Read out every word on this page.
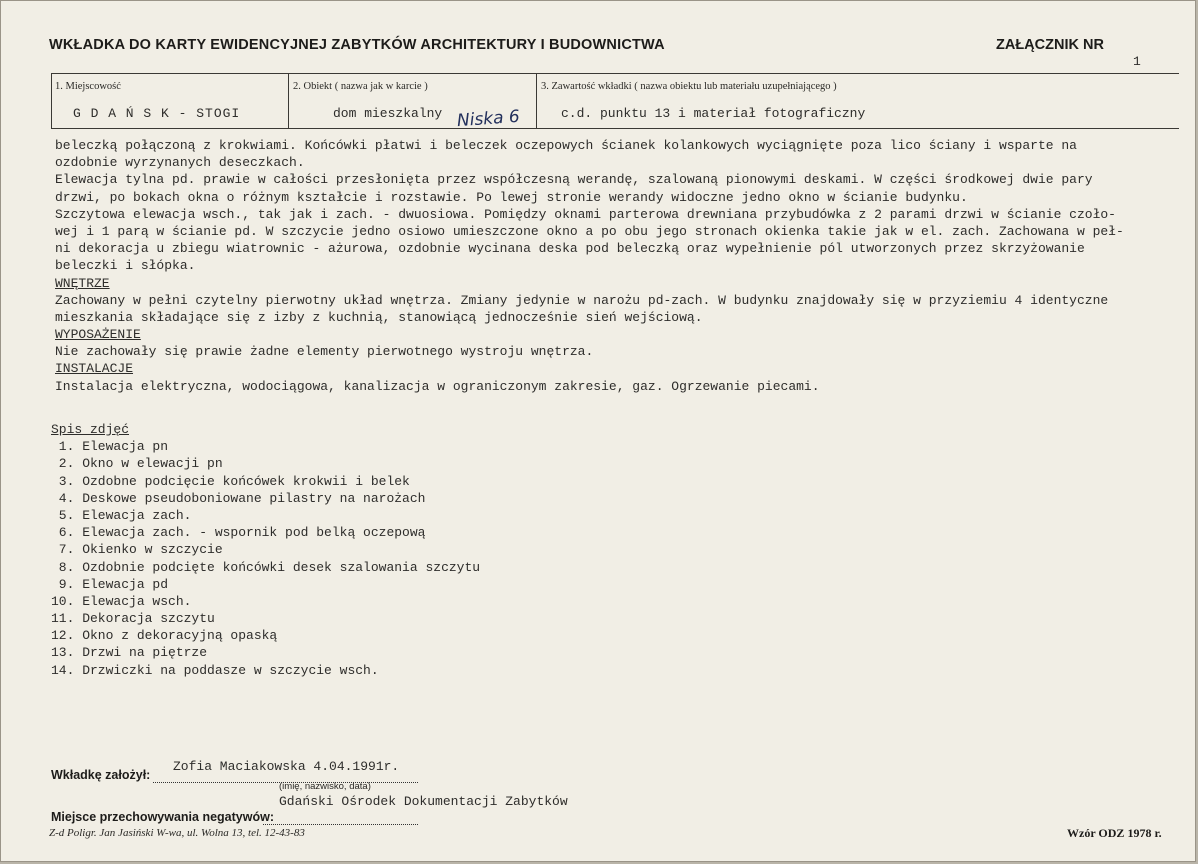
WKŁADKA DO KARTY EWIDENCYJNEJ ZABYTKÓW ARCHITEKTURY I BUDOWNICTWA	ZAŁĄCZNIK NR
1
1. Miejscowość	2. Obiekt ( nazwa jak w karcie )	3. Zawartość wkładki ( nazwa obiektu lub materiału uzupełniającego )
G D A Ń S K - STOGI	dom mieszkalny Niska 6	c.d. punktu 13 i materiał fotograficzny
beleczką połączoną z krokwiami. Końcówki płatwi i beleczek oczepowych ścianek kolankowych wyciągnięte poza lico ściany i wsparte na
ozdobnie wyrzynanych deseczkach.
Elewacja tylna pd. prawie w całości przesłonięta przez współczesną werandę, szalowaną pionowymi deskami. W części środkowej dwie pary
drzwi, po bokach okna o różnym kształcie i rozstawie. Po lewej stronie werandy widoczne jedno okno w ścianie budynku.
Szczytowa elewacja wsch., tak jak i zach. - dwuosiowa. Pomiędzy oknami parterowa drewniana przybudówka z 2 parami drzwi w ścianie czoło-
wej i 1 parą w ścianie pd. W szczycie jedno osiowo umieszczone okno a po obu jego stronach okienka takie jak w el. zach. Zachowana w peł-
ni dekoracja u zbiegu wiatrownic - ażurowa, ozdobnie wycinana deska pod beleczką oraz wypełnienie pól utworzonych przez skrzyżowanie
beleczki i słópka.
WNĘTRZE
Zachowany w pełni czytelny pierwotny układ wnętrza. Zmiany jedynie w narożu pd-zach. W budynku znajdowały się w przyziemiu 4 identyczne
mieszkania składające się z izby z kuchnią, stanowiącą jednocześnie sień wejściową.
WYPOSAŻENIE
Nie zachowały się prawie żadne elementy pierwotnego wystroju wnętrza.
INSTALACJE
Instalacja elektryczna, wodociągowa, kanalizacja w ograniczonym zakresie, gaz. Ogrzewanie piecami.
Spis zdjęć
1. Elewacja pn
2. Okno w elewacji pn
3. Ozdobne podcięcie końcówek krokwii i belek
4. Deskowe pseudoboniowane pilastry na narożach
5. Elewacja zach.
6. Elewacja zach. - wspornik pod belką oczepową
7. Okienko w szczycie
8. Ozdobnie podcięte końcówki desek szalowania szczytu
9. Elewacja pd
10. Elewacja wsch.
11. Dekoracja szczytu
12. Okno z dekoracyjną opaską
13. Drzwi na piętrze
14. Drzwiczki na poddasze w szczycie wsch.
Wkładkę założył:
Zofia Maciakowska 4.04.1991r.
(imię, nazwisko, data)
Miejsce przechowywania negatywów:
Gdański Ośrodek Dokumentacji Zabytków
Z-d Poligr. Jan Jasiński W-wa, ul. Wolna 13, tel. 12-43-83	Wzór ODZ 1978 r.
